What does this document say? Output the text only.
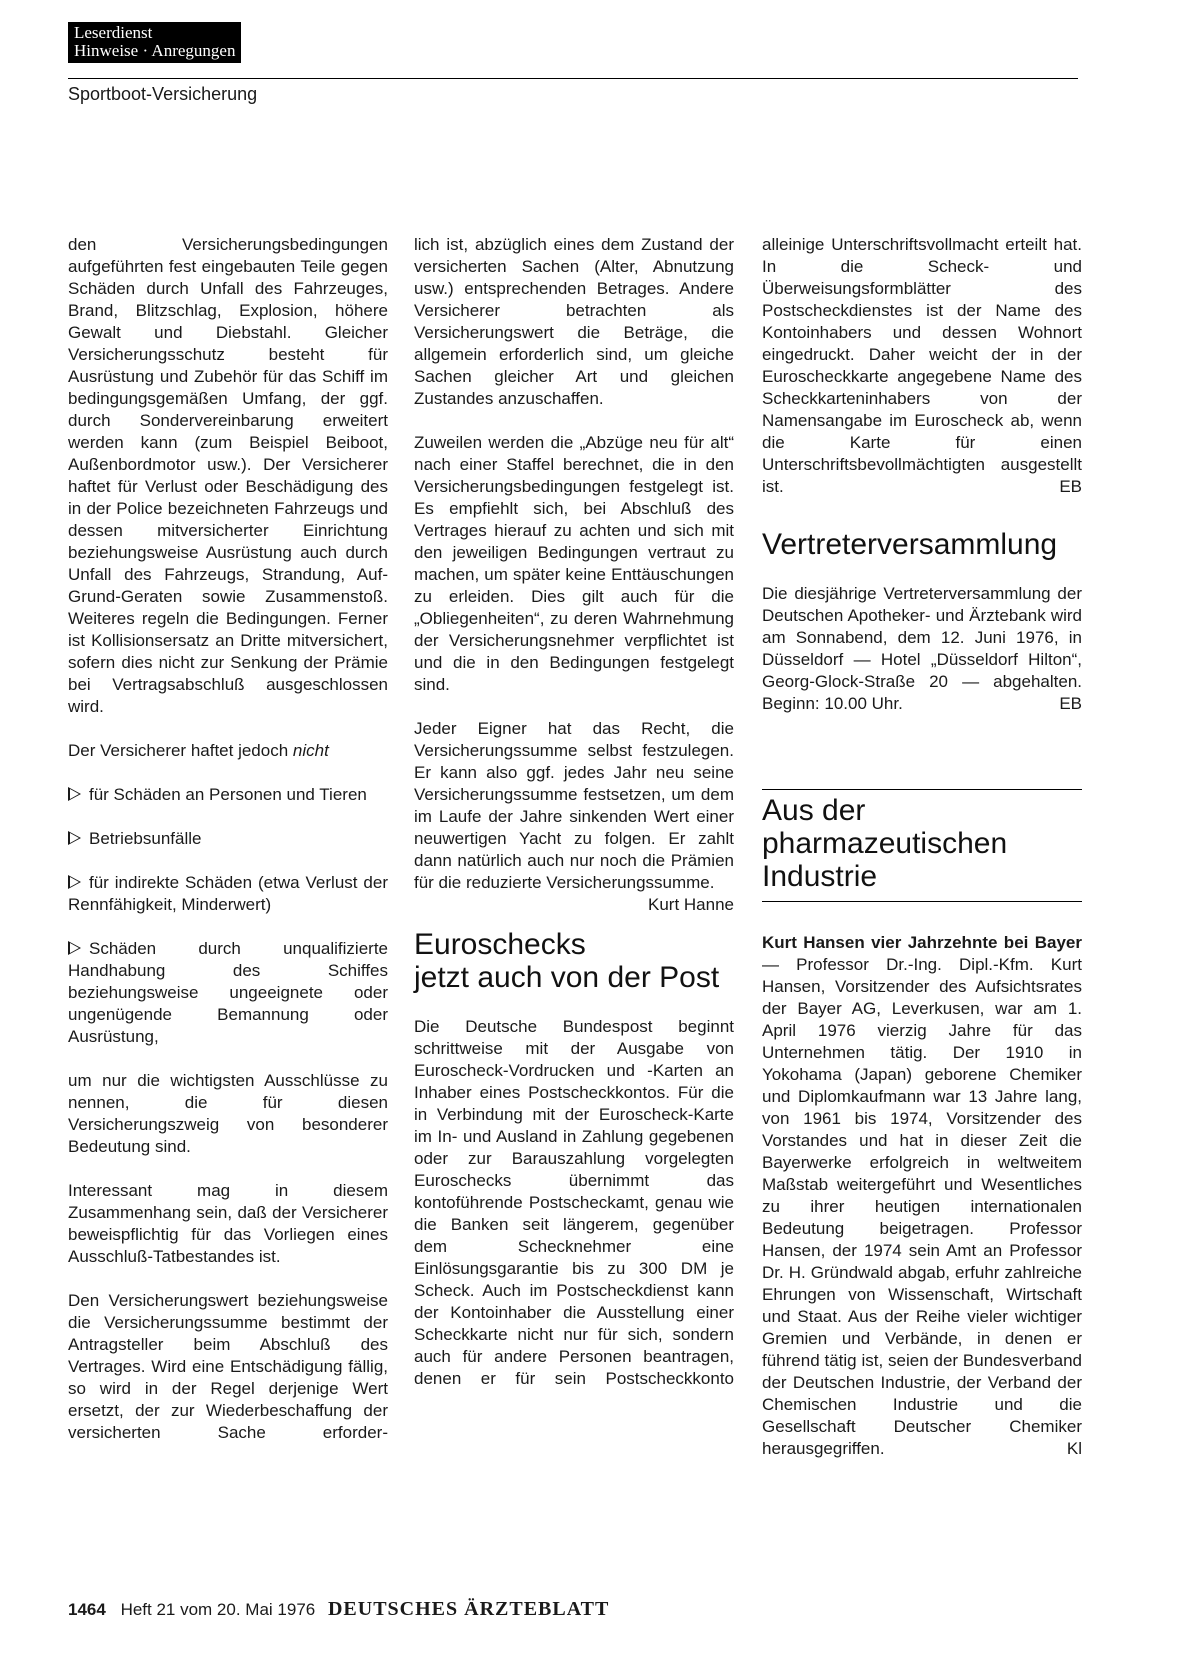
Leserdienst
Hinweise · Anregungen
Sportboot-Versicherung

den Versicherungsbedingungen aufgeführten fest eingebauten Teile gegen Schäden durch Unfall des Fahrzeuges, Brand, Blitzschlag, Explosion, höhere Gewalt und Diebstahl. Gleicher Versicherungsschutz besteht für Ausrüstung und Zubehör für das Schiff im bedingungsgemäßen Umfang, der ggf. durch Sondervereinbarung erweitert werden kann (zum Beispiel Beiboot, Außenbordmotor usw.). Der Versicherer haftet für Verlust oder Beschädigung des in der Police bezeichneten Fahrzeugs und dessen mitversicherter Einrichtung beziehungsweise Ausrüstung auch durch Unfall des Fahrzeugs, Strandung, Auf-Grund-Geraten sowie Zusammenstoß. Weiteres regeln die Bedingungen. Ferner ist Kollisionsersatz an Dritte mitversichert, sofern dies nicht zur Senkung der Prämie bei Vertragsabschluß ausgeschlossen wird.

Der Versicherer haftet jedoch nicht

für Schäden an Personen und Tieren

Betriebsunfälle

für indirekte Schäden (etwa Verlust der Rennfähigkeit, Minderwert)

Schäden durch unqualifizierte Handhabung des Schiffes beziehungsweise ungeeignete oder ungenügende Bemannung oder Ausrüstung,

um nur die wichtigsten Ausschlüsse zu nennen, die für diesen Versicherungszweig von besonderer Bedeutung sind.

Interessant mag in diesem Zusammenhang sein, daß der Versicherer beweispflichtig für das Vorliegen eines Ausschluß-Tatbestandes ist.

Den Versicherungswert beziehungsweise die Versicherungssumme bestimmt der Antragsteller beim Abschluß des Vertrages. Wird eine Entschädigung fällig, so wird in der Regel derjenige Wert ersetzt, der zur Wiederbeschaffung der versicherten Sache erforder-

lich ist, abzüglich eines dem Zustand der versicherten Sachen (Alter, Abnutzung usw.) entsprechenden Betrages. Andere Versicherer betrachten als Versicherungswert die Beträge, die allgemein erforderlich sind, um gleiche Sachen gleicher Art und gleichen Zustandes anzuschaffen.

Zuweilen werden die „Abzüge neu für alt“ nach einer Staffel berechnet, die in den Versicherungsbedingungen festgelegt ist. Es empfiehlt sich, bei Abschluß des Vertrages hierauf zu achten und sich mit den jeweiligen Bedingungen vertraut zu machen, um später keine Enttäuschungen zu erleiden. Dies gilt auch für die „Obliegenheiten“, zu deren Wahrnehmung der Versicherungsnehmer verpflichtet ist und die in den Bedingungen festgelegt sind.

Jeder Eigner hat das Recht, die Versicherungssumme selbst festzulegen. Er kann also ggf. jedes Jahr neu seine Versicherungssumme festsetzen, um dem im Laufe der Jahre sinkenden Wert einer neuwertigen Yacht zu folgen. Er zahlt dann natürlich auch nur noch die Prämien für die reduzierte Versicherungssumme.
Kurt Hanne

Euroschecks
jetzt auch von der Post

Die Deutsche Bundespost beginnt schrittweise mit der Ausgabe von Euroscheck-Vordrucken und -Karten an Inhaber eines Postscheckkontos. Für die in Verbindung mit der Euroscheck-Karte im In- und Ausland in Zahlung gegebenen oder zur Barauszahlung vorgelegten Euroschecks übernimmt das kontoführende Postscheckamt, genau wie die Banken seit längerem, gegenüber dem Schecknehmer eine Einlösungsgarantie bis zu 300 DM je Scheck. Auch im Postscheckdienst kann der Kontoinhaber die Ausstellung einer Scheckkarte nicht nur für sich, sondern auch für andere Personen beantragen, denen er für sein Postscheckkonto

alleinige Unterschriftsvollmacht erteilt hat. In die Scheck- und Überweisungsformblätter des Postscheckdienstes ist der Name des Kontoinhabers und dessen Wohnort eingedruckt. Daher weicht der in der Euroscheckkarte angegebene Name des Scheckkarteninhabers von der Namensangabe im Euroscheck ab, wenn die Karte für einen Unterschriftsbevollmächtigten ausgestellt ist.	EB

Vertreterversammlung

Die diesjährige Vertreterversammlung der Deutschen Apotheker- und Ärztebank wird am Sonnabend, dem 12. Juni 1976, in Düsseldorf — Hotel „Düsseldorf Hilton“, Georg-Glock-Straße 20 — abgehalten. Beginn: 10.00 Uhr.	EB

Aus der
pharmazeutischen
Industrie

Kurt Hansen vier Jahrzehnte bei Bayer — Professor Dr.-Ing. Dipl.-Kfm. Kurt Hansen, Vorsitzender des Aufsichtsrates der Bayer AG, Leverkusen, war am 1. April 1976 vierzig Jahre für das Unternehmen tätig. Der 1910 in Yokohama (Japan) geborene Chemiker und Diplomkaufmann war 13 Jahre lang, von 1961 bis 1974, Vorsitzender des Vorstandes und hat in dieser Zeit die Bayerwerke erfolgreich in weltweitem Maßstab weitergeführt und Wesentliches zu ihrer heutigen internationalen Bedeutung beigetragen. Professor Hansen, der 1974 sein Amt an Professor Dr. H. Gründwald abgab, erfuhr zahlreiche Ehrungen von Wissenschaft, Wirtschaft und Staat. Aus der Reihe vieler wichtiger Gremien und Verbände, in denen er führend tätig ist, seien der Bundesverband der Deutschen Industrie, der Verband der Chemischen Industrie und die Gesellschaft Deutscher Chemiker herausgegriffen.	Kl

1464 Heft 21 vom 20. Mai 1976 DEUTSCHES ÄRZTEBLATT
